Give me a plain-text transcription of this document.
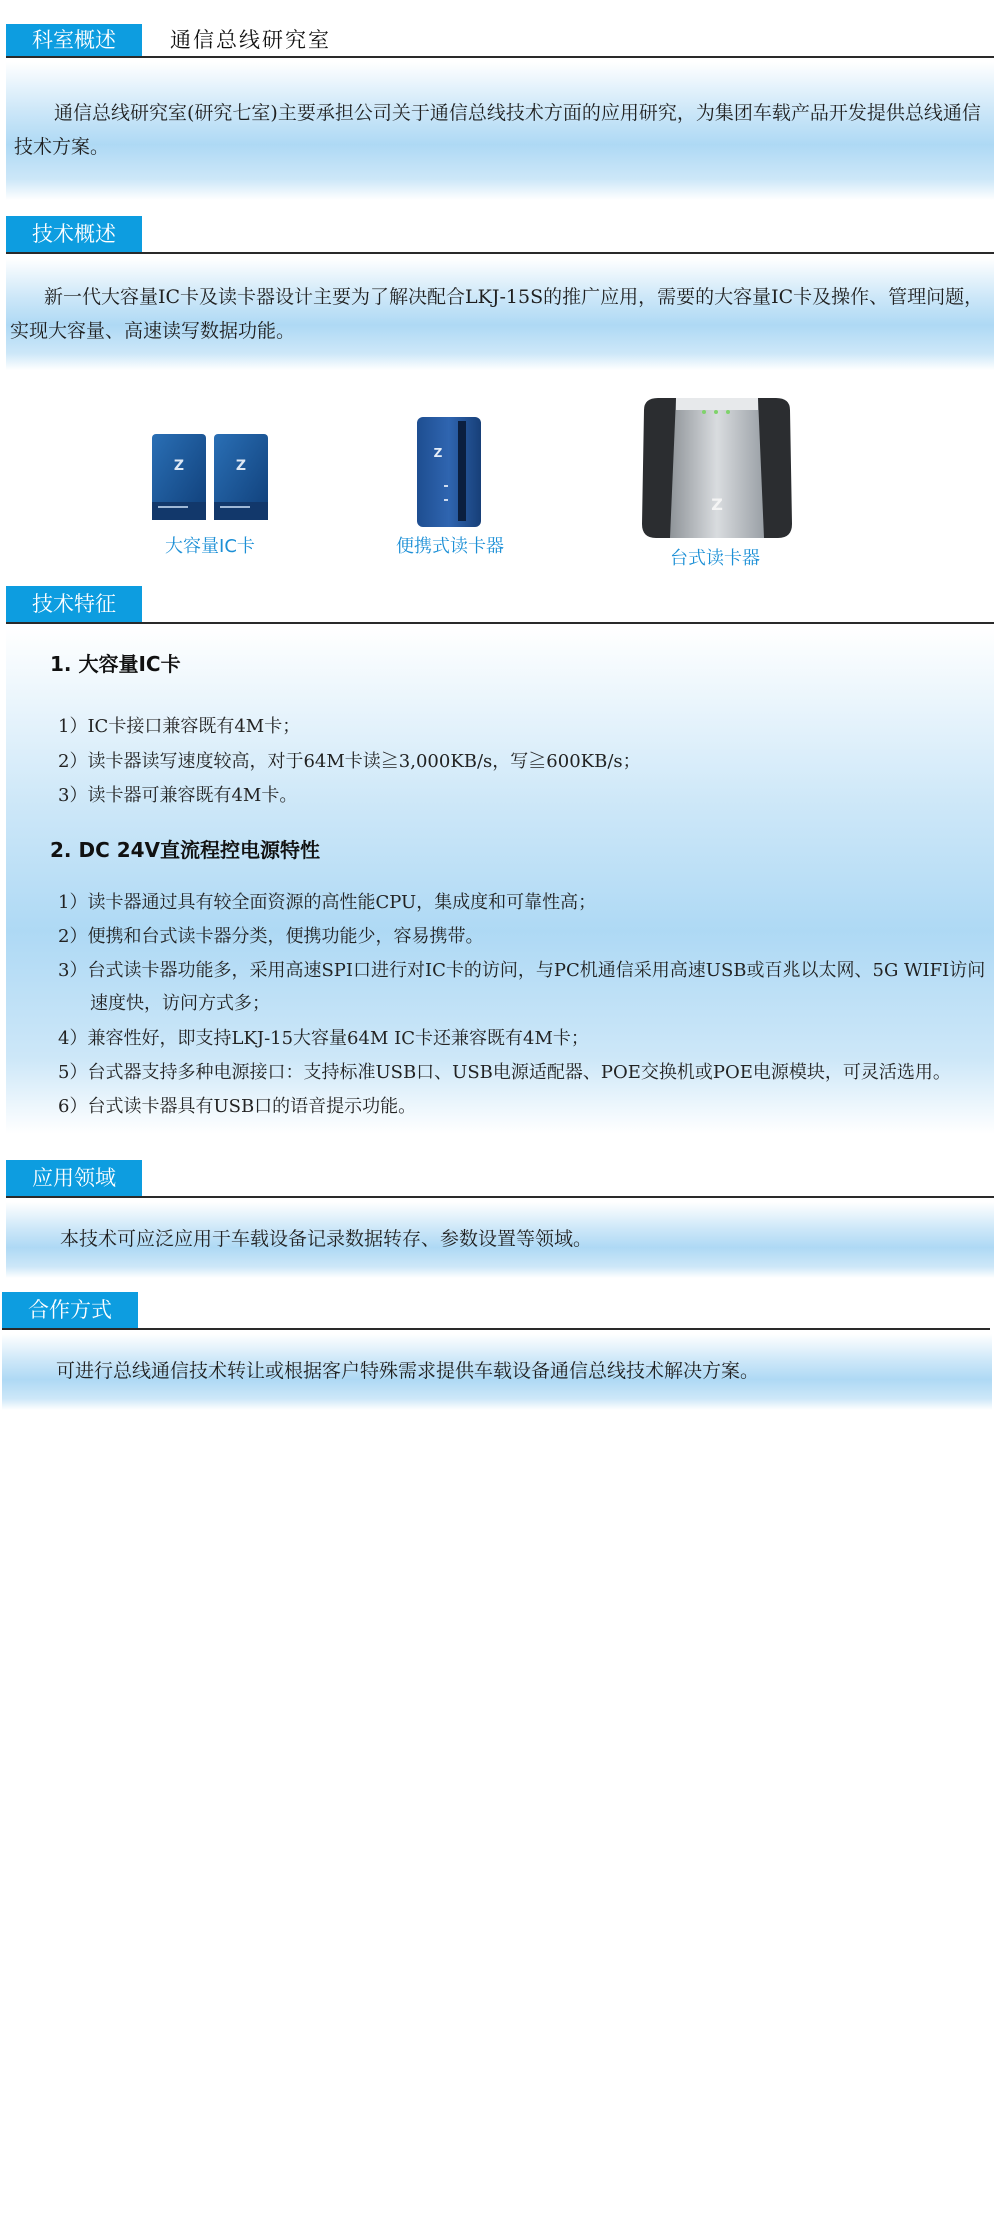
科室概述	通信总线研究室
通信总线研究室(研究七室)主要承担公司关于通信总线技术方面的应用研究，为集团车载产品开发提供总线通信技术方案。
技术概述
新一代大容量IC卡及读卡器设计主要为了解决配合LKJ-15S的推广应用，需要的大容量IC卡及操作、管理问题，实现大容量、高速读写数据功能。
Z	Z
大容量IC卡
Z
便携式读卡器
Z
台式读卡器
技术特征
1. 大容量IC卡
1）IC卡接口兼容既有4M卡；
2）读卡器读写速度较高，对于64M卡读≧3,000KB/s，写≧600KB/s；
3）读卡器可兼容既有4M卡。
2. DC 24V直流程控电源特性
1）读卡器通过具有较全面资源的高性能CPU，集成度和可靠性高；
2）便携和台式读卡器分类，便携功能少，容易携带。
3）台式读卡器功能多，采用高速SPI口进行对IC卡的访问，与PC机通信采用高速USB或百兆以太网、5G WIFI访问速度快，访问方式多；
4）兼容性好，即支持LKJ-15大容量64M IC卡还兼容既有4M卡；
5）台式器支持多种电源接口：支持标准USB口、USB电源适配器、POE交换机或POE电源模块，可灵活选用。
6）台式读卡器具有USB口的语音提示功能。
应用领域
本技术可应泛应用于车载设备记录数据转存、参数设置等领域。
合作方式
可进行总线通信技术转让或根据客户特殊需求提供车载设备通信总线技术解决方案。
